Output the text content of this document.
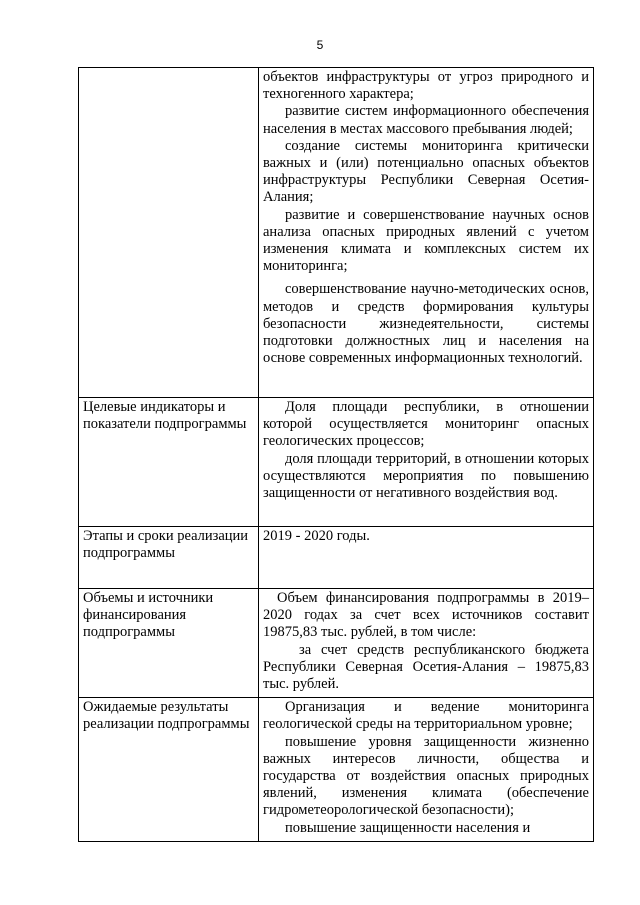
5

	объектов инфраструктуры от угроз природного и техногенного характера;

развитие систем информационного обеспечения населения в местах массового пребывания людей;

создание системы мониторинга критически важных и (или) потенциально опасных объектов инфраструктуры Республики Северная Осетия-Алания;

развитие и совершенствование научных основ анализа опасных природных явлений с учетом изменения климата и комплексных систем их мониторинга;

совершенствование научно-методических основ, методов и средств формирования культуры безопасности жизнедеятельности, системы подготовки должностных лиц и населения на основе современных информационных технологий.

Целевые индикаторы и показатели подпрограммы	Доля площади республики, в отношении которой осуществляется мониторинг опасных геологических процессов;

доля площади территорий, в отношении которых осуществляются мероприятия по повышению защищенности от негативного воздействия вод.

Этапы и сроки реализации подпрограммы	2019 - 2020 годы.

Объемы и источники финансирования подпрограммы	Объем финансирования подпрограммы в 2019–2020 годах за счет всех источников составит 19875,83 тыс. рублей, в том числе:

за счет средств республиканского бюджета Республики Северная Осетия-Алания – 19875,83 тыс. рублей.

Ожидаемые результаты реализации подпрограммы	Организация и ведение мониторинга геологической среды на территориальном уровне;

повышение уровня защищенности жизненно важных интересов личности, общества и государства от воздействия опасных природных явлений, изменения климата (обеспечение гидрометеорологической безопасности);

повышение защищенности населения и
